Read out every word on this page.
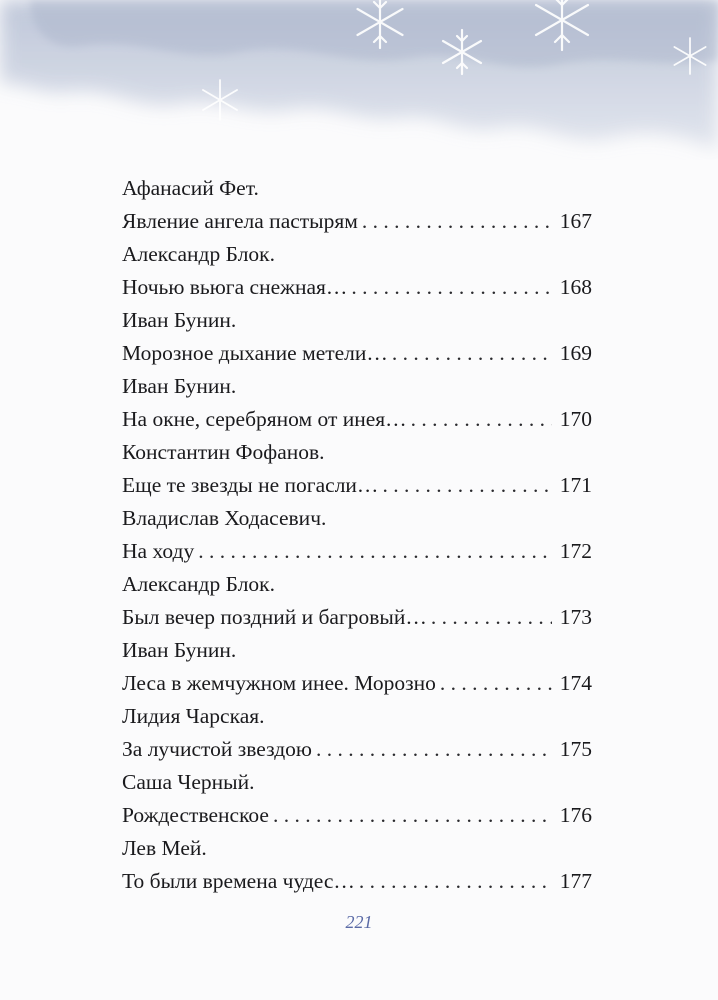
Афанасий Фет.
Явление ангела пастырям . . .	167
Александр Блок.
Ночью вьюга снежная… . . .	168
Иван Бунин.
Морозное дыхание метели… . . .	169
Иван Бунин.
На окне, серебряном от инея… . . .	170
Константин Фофанов.
Еще те звезды не погасли… . . .	171
Владислав Ходасевич.
На ходу . . .	172
Александр Блок.
Был вечер поздний и багровый… . . .	173
Иван Бунин.
Леса в жемчужном инее. Морозно . . .	174
Лидия Чарская.
За лучистой звездою . . .	175
Саша Черный.
Рождественское . . .	176
Лев Мей.
То были времена чудес… . . .	177
221
